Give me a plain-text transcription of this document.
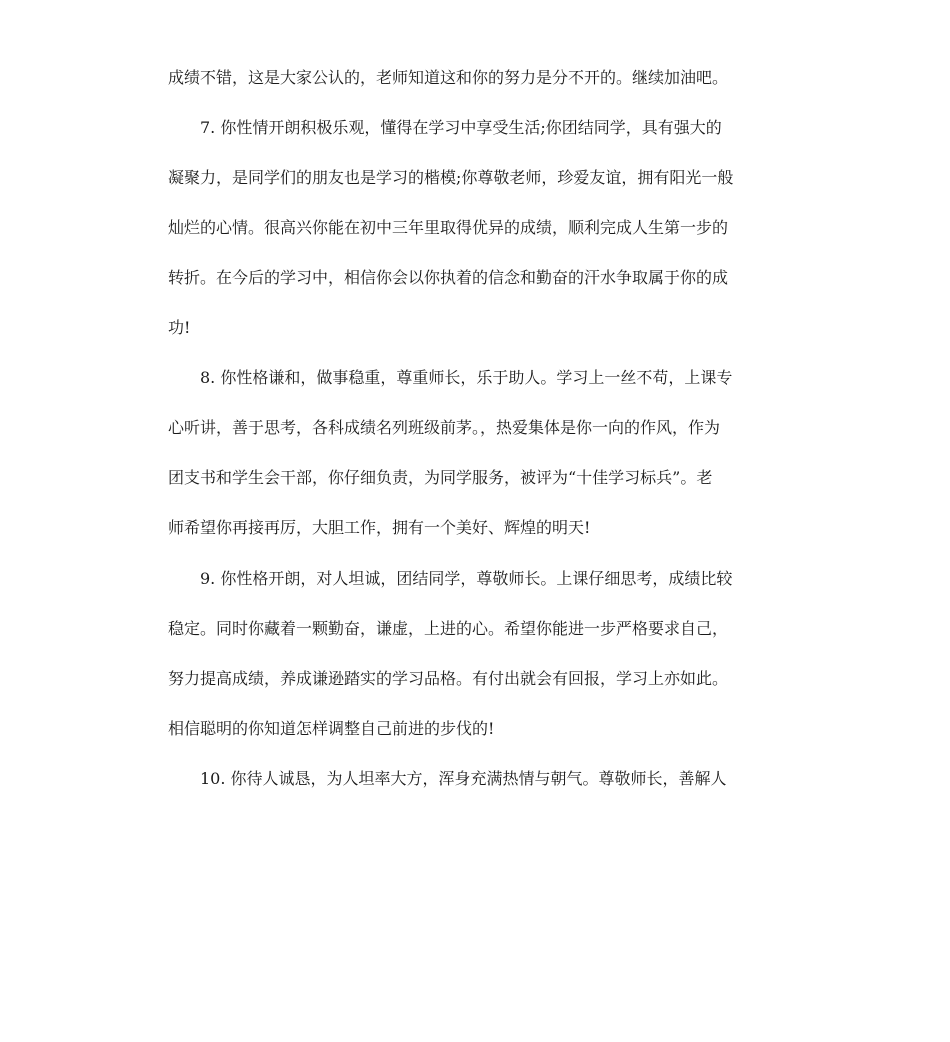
成绩不错，这是大家公认的，老师知道这和你的努力是分不开的。继续加油吧。
7. 你性情开朗积极乐观，懂得在学习中享受生活;你团结同学，具有强大的
凝聚力，是同学们的朋友也是学习的楷模;你尊敬老师，珍爱友谊，拥有阳光一般
灿烂的心情。很高兴你能在初中三年里取得优异的成绩，顺利完成人生第一步的
转折。在今后的学习中，相信你会以你执着的信念和勤奋的汗水争取属于你的成
功!
8. 你性格谦和，做事稳重，尊重师长，乐于助人。学习上一丝不苟，上课专
心听讲，善于思考，各科成绩名列班级前茅。，热爱集体是你一向的作风，作为
团支书和学生会干部，你仔细负责，为同学服务，被评为“十佳学习标兵”。老
师希望你再接再厉，大胆工作，拥有一个美好、辉煌的明天!
9. 你性格开朗，对人坦诚，团结同学，尊敬师长。上课仔细思考，成绩比较
稳定。同时你藏着一颗勤奋，谦虚，上进的心。希望你能进一步严格要求自己，
努力提高成绩，养成谦逊踏实的学习品格。有付出就会有回报，学习上亦如此。
相信聪明的你知道怎样调整自己前进的步伐的!
10. 你待人诚恳，为人坦率大方，浑身充满热情与朝气。尊敬师长，善解人
